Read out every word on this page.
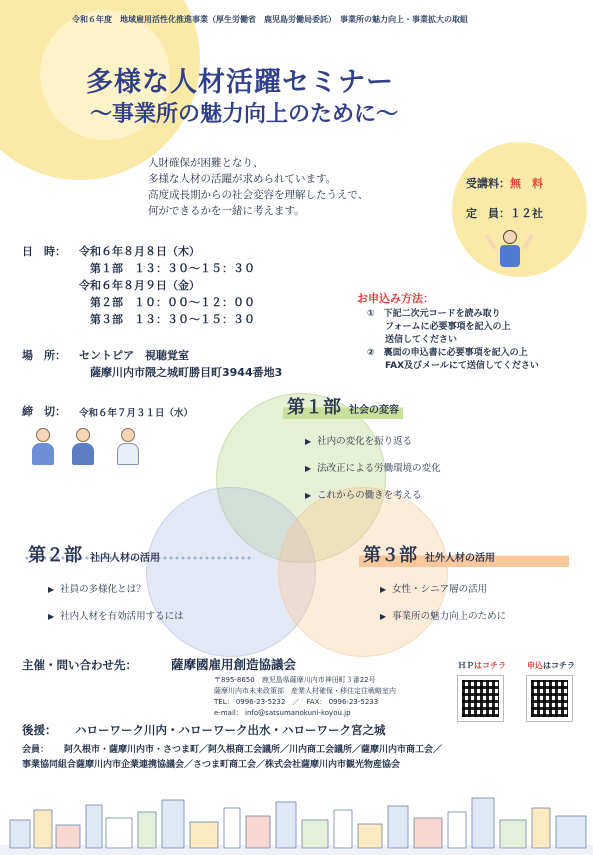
令和６年度　地域雇用活性化推進事業（厚生労働省　鹿児島労働局委託）　事業所の魅力向上・事業拡大の取組
多様な人材活躍セミナー
〜事業所の魅力向上のために〜
人財確保が困難となり、
多様な人材の活躍が求められています。
高度成長期からの社会変容を理解したうえで、
何ができるかを一緒に考えます。
受講料：無　料
定　員：１２社
日　時： 令和６年８月８日（木）
第１部　１３：３０〜１５：３０
令和６年８月９日（金）
第２部　１０：００〜１２：００
第３部　１３：３０〜１５：３０
お申込み方法：
①　下記二次元コードを読み取り
　　フォームに必要事項を記入の上
　　送信してください
②　裏面の申込書に必要事項を記入の上
　　FAX及びメールにて送信してください
場　所： セントピア　視聴覚室
薩摩川内市隈之城町勝目町3944番地3
締　切： 令和６年７月３１日（水）	第１部 社会の変容
▶ 社内の変化を振り返る
▶ 法改正による労働環境の変化
▶ これからの働きを考える
第２部 社内人材の活用
▶ 社員の多様化とは？
▶ 社内人材を有効活用するには
第３部 社外人材の活用
▶ 女性・シニア層の活用
▶ 事業所の魅力向上のために
主催・問い合わせ先：	薩摩國雇用創造協議会
〒895-8650　鹿児島県薩摩川内市神田町３番22号
薩摩川内市未来政策部　産業人材確保・移住定住戦略室内
TEL： 0996-23-5232　／　FAX： 0996-23-5233
e-mail： info@satsumanokuni-koyou.jp
ＨＰはコチラ	申込はコチラ
後援： ハローワーク川内・ハローワーク出水・ハローワーク宮之城
会員： 阿久根市・薩摩川内市・さつま町／阿久根商工会議所／川内商工会議所／薩摩川内市商工会／
事業協同組合薩摩川内市企業連携協議会／さつま町商工会／株式会社薩摩川内市観光物産協会
